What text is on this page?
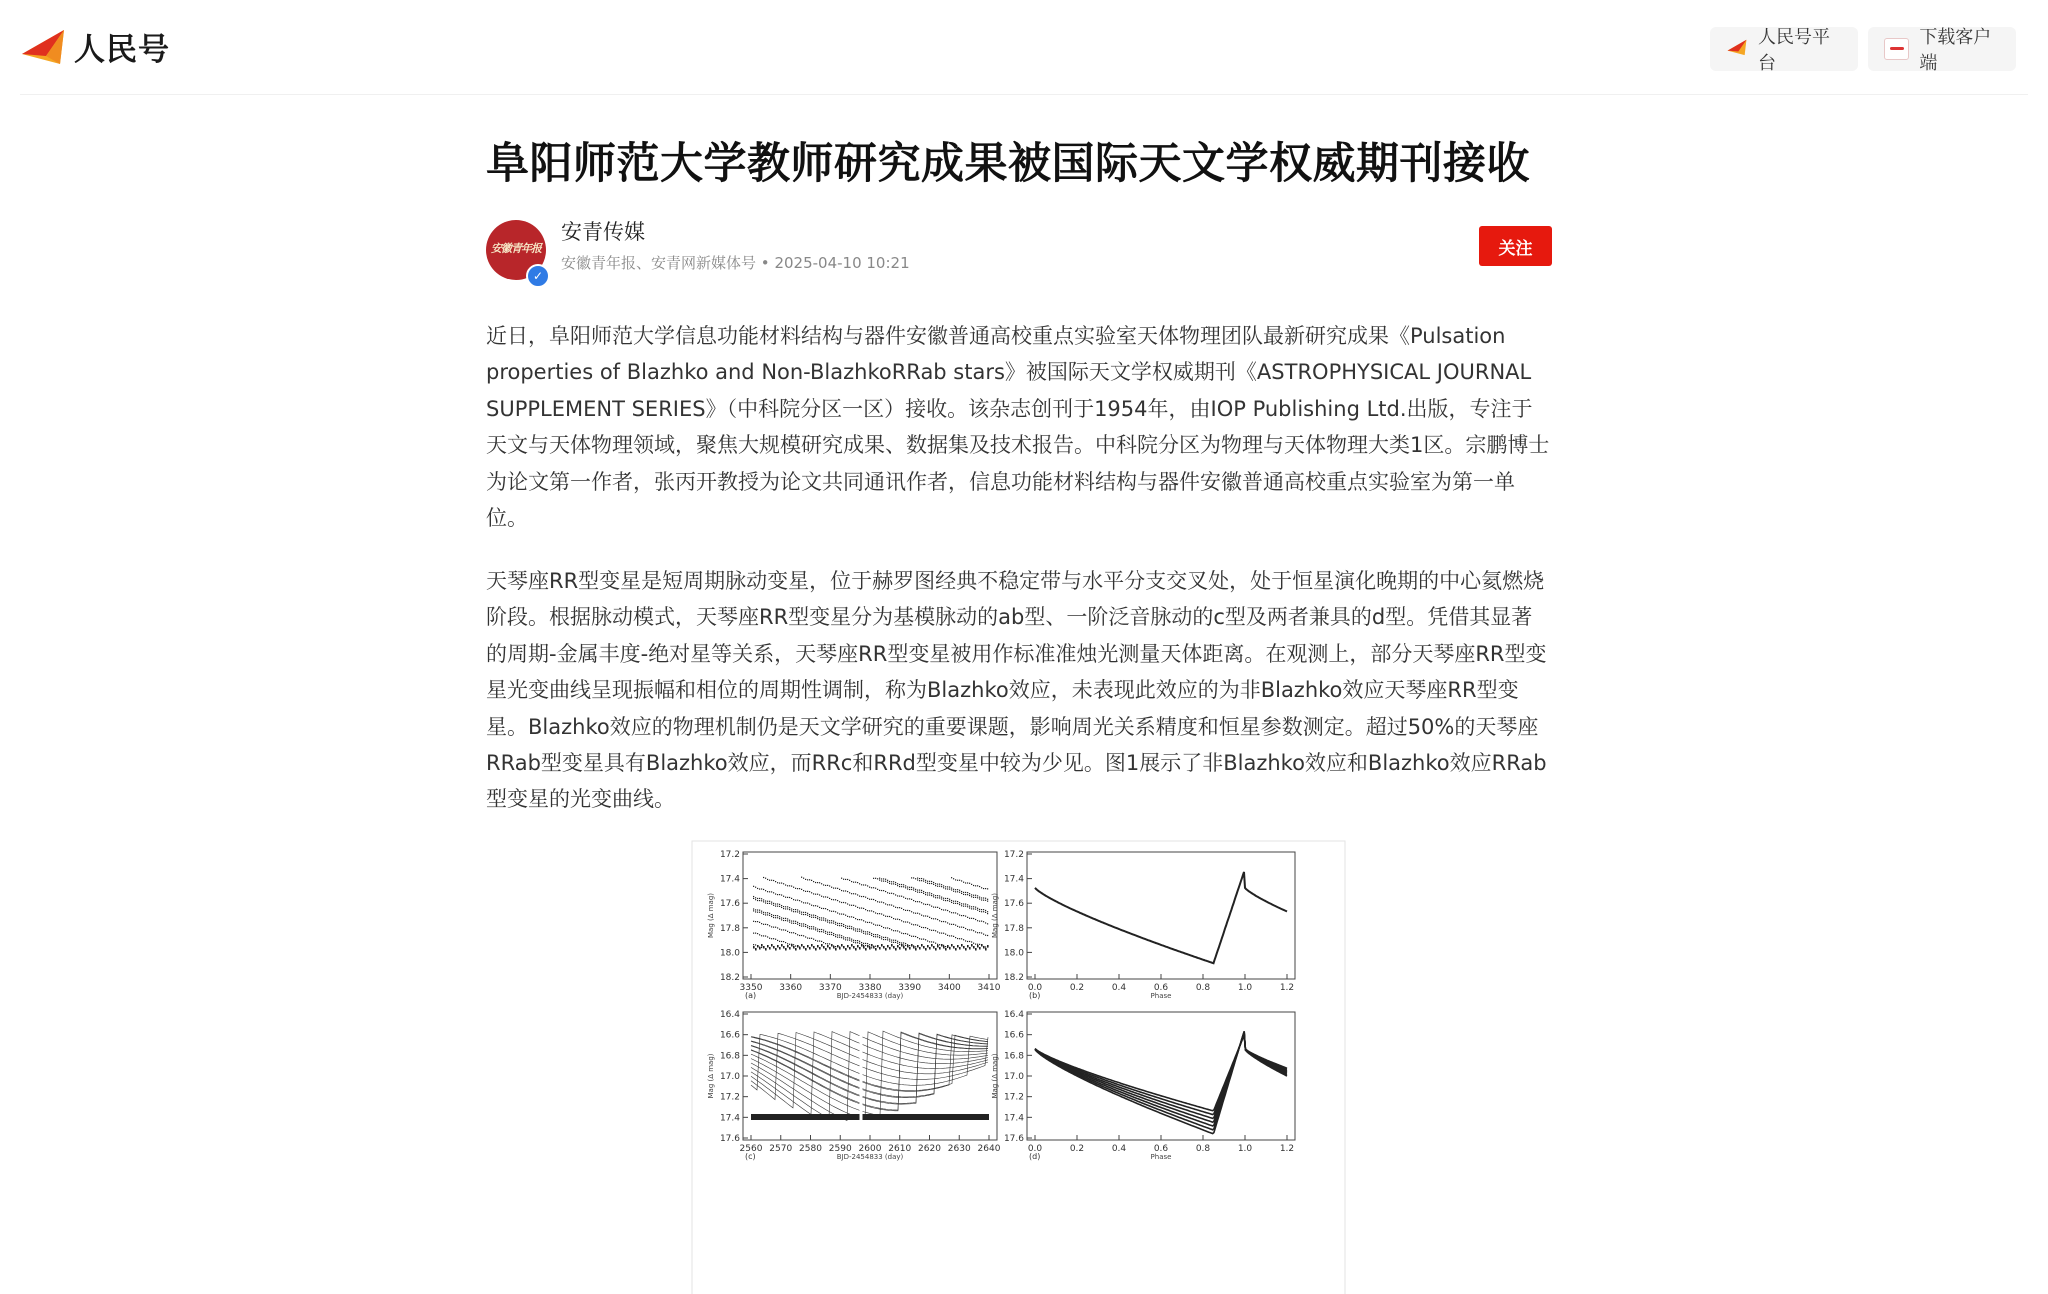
人民号	人民号平台
下载客户端
阜阳师范大学教师研究成果被国际天文学权威期刊接收
安徽青年报
✓
安青传媒
安徽青年报、安青网新媒体号 • 2025-04-10 10:21
关注

近日，阜阳师范大学信息功能材料结构与器件安徽普通高校重点实验室天体物理团队最新研究成果《Pulsation properties of Blazhko and Non-BlazhkoRRab stars》被国际天文学权威期刊《ASTROPHYSICAL JOURNAL SUPPLEMENT SERIES》（中科院分区一区）接收。该杂志创刊于1954年，由IOP Publishing Ltd.出版，专注于天文与天体物理领域，聚焦大规模研究成果、数据集及技术报告。中科院分区为物理与天体物理大类1区。宗鹏博士为论文第一作者，张丙开教授为论文共同通讯作者，信息功能材料结构与器件安徽普通高校重点实验室为第一单位。

天琴座RR型变星是短周期脉动变星，位于赫罗图经典不稳定带与水平分支交叉处，处于恒星演化晚期的中心氦燃烧阶段。根据脉动模式，天琴座RR型变星分为基模脉动的ab型、一阶泛音脉动的c型及两者兼具的d型。凭借其显著的周期-金属丰度-绝对星等关系，天琴座RR型变星被用作标准准烛光测量天体距离。在观测上，部分天琴座RR型变星光变曲线呈现振幅和相位的周期性调制，称为Blazhko效应，未表现此效应的为非Blazhko效应天琴座RR型变星。Blazhko效应的物理机制仍是天文学研究的重要课题，影响周光关系精度和恒星参数测定。超过50%的天琴座RRab型变星具有Blazhko效应，而RRc和RRd型变星中较为少见。图1展示了非Blazhko效应和Blazhko效应RRab型变星的光变曲线。

17.2
17.4
17.6
17.8
18.0
18.2
3350 3360 3370 3380 3390 3400 3410
BJD-2454833 (day)
Mag (Δ mag)
(a)
17.2
17.4
17.6
17.8
18.0
18.2
0.0	0.2	0.4	0.6	0.8	1.0	1.2
Phase
Mag (Δ mag)
(b)
16.4
16.6
16.8
17.0
17.2
17.4
17.6
2560 2570 2580 2590 2600 2610 2620 2630 2640
BJD-2454833 (day)
Mag (Δ mag)
(c)
16.4
16.6
16.8
17.0
17.2
17.4
17.6
0.0	0.2	0.4	0.6	0.8	1.0	1.2
Phase
Mag (Δ mag)
(d)
